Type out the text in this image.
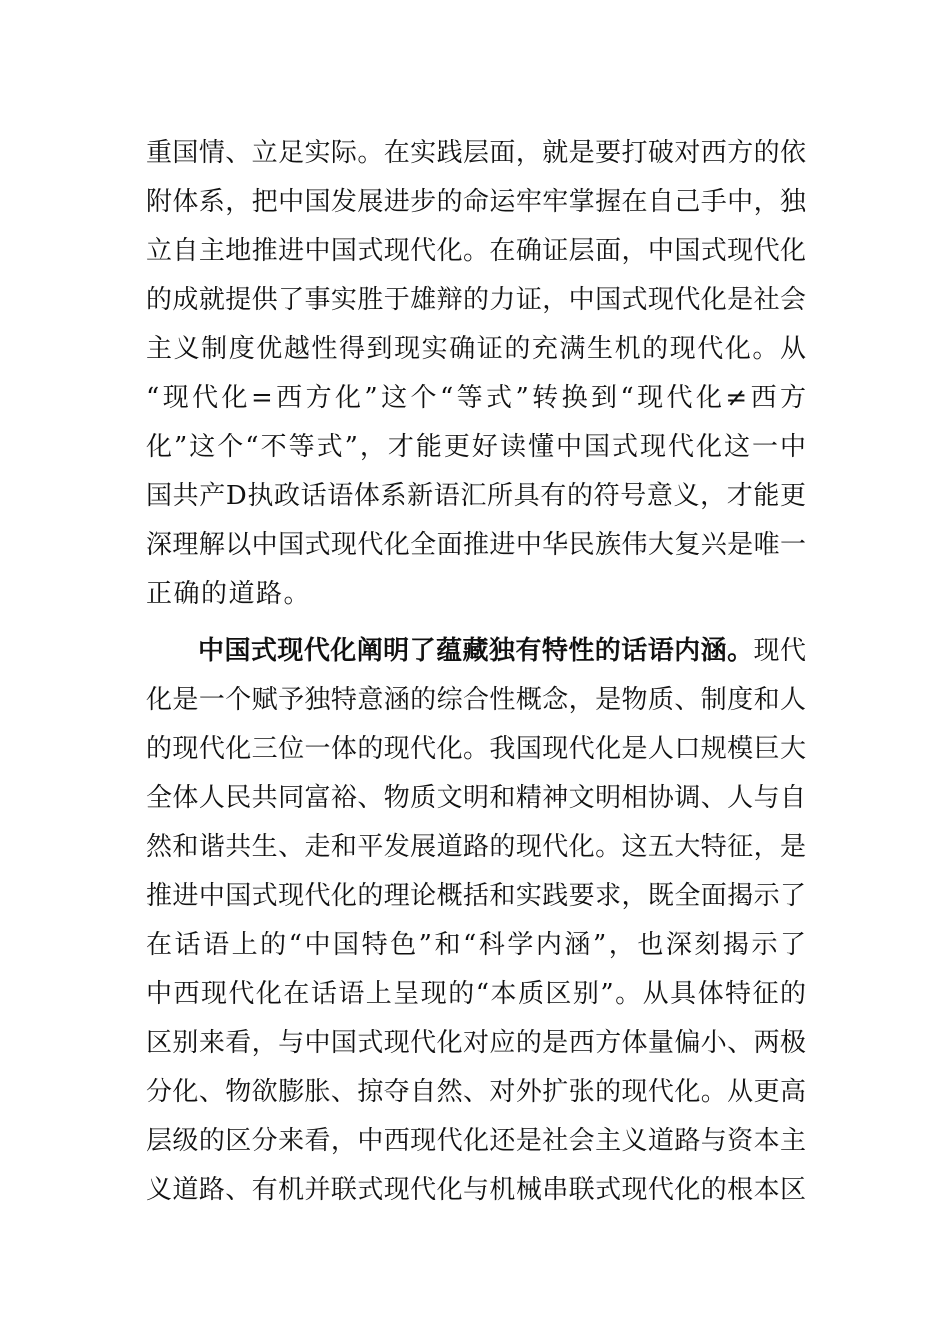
重国情、立足实际。在实践层面，就是要打破对西方的依
附体系，把中国发展进步的命运牢牢掌握在自己手中，独
立自主地推进中国式现代化。在确证层面，中国式现代化
的成就提供了事实胜于雄辩的力证，中国式现代化是社会
主义制度优越性得到现实确证的充满生机的现代化。从
“现代化=西方化”这个“等式”转换到“现代化≠西方
化”这个“不等式”，才能更好读懂中国式现代化这一中
国共产D执政话语体系新语汇所具有的符号意义，才能更
深理解以中国式现代化全面推进中华民族伟大复兴是唯一
正确的道路。
中国式现代化阐明了蕴藏独有特性的话语内涵。现代
化是一个赋予独特意涵的综合性概念，是物质、制度和人
的现代化三位一体的现代化。我国现代化是人口规模巨大
全体人民共同富裕、物质文明和精神文明相协调、人与自
然和谐共生、走和平发展道路的现代化。这五大特征，是
推进中国式现代化的理论概括和实践要求，既全面揭示了
在话语上的“中国特色”和“科学内涵”，也深刻揭示了
中西现代化在话语上呈现的“本质区别”。从具体特征的
区别来看，与中国式现代化对应的是西方体量偏小、两极
分化、物欲膨胀、掠夺自然、对外扩张的现代化。从更高
层级的区分来看，中西现代化还是社会主义道路与资本主
义道路、有机并联式现代化与机械串联式现代化的根本区
